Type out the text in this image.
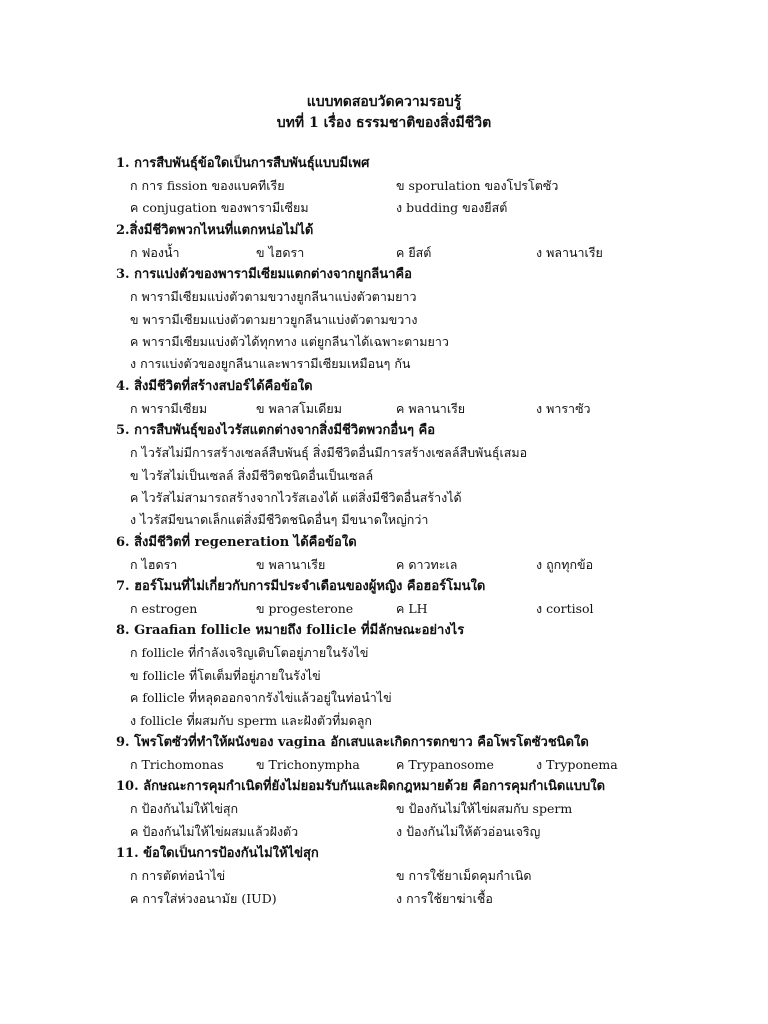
แบบทดสอบวัดความรอบรู้
บทที่ 1 เรื่อง ธรรมชาติของสิ่งมีชีวิต
1. การสืบพันธุ์ข้อใดเป็นการสืบพันธุ์แบบมีเพศ
ก การ fission ของแบคทีเรีย	ข sporulation ของโปรโตซัว
ค conjugation ของพารามีเซียม	ง budding ของยีสต์
2.สิ่งมีชีวิตพวกไหนที่แตกหน่อไม่ได้
ก ฟองน้ำ	ข ไฮดรา	ค ยีสต์	ง พลานาเรีย
3. การแบ่งตัวของพารามีเซียมแตกต่างจากยูกลีนาคือ
ก พารามีเซียมแบ่งตัวตามขวางยูกลีนาแบ่งตัวตามยาว
ข พารามีเซียมแบ่งตัวตามยาวยูกลีนาแบ่งตัวตามขวาง
ค พารามีเซียมแบ่งตัวได้ทุกทาง แต่ยูกลีนาได้เฉพาะตามยาว
ง การแบ่งตัวของยูกลีนาและพารามีเซียมเหมือนๆ กัน
4. สิ่งมีชีวิตที่สร้างสปอร์ได้คือข้อใด
ก พารามีเซียม	ข พลาสโมเดียม	ค พลานาเรีย	ง พาราซัว
5. การสืบพันธุ์ของไวรัสแตกต่างจากสิ่งมีชีวิตพวกอื่นๆ คือ
ก ไวรัสไม่มีการสร้างเซลล์สืบพันธุ์ สิ่งมีชีวิตอื่นมีการสร้างเซลล์สืบพันธุ์เสมอ
ข ไวรัสไม่เป็นเซลล์ สิ่งมีชีวิตชนิดอื่นเป็นเซลล์
ค ไวรัสไม่สามารถสร้างจากไวรัสเองได้ แต่สิ่งมีชีวิตอื่นสร้างได้
ง ไวรัสมีขนาดเล็กแต่สิ่งมีชีวิตชนิดอื่นๆ มีขนาดใหญ่กว่า
6. สิ่งมีชีวิตที่ regeneration ได้คือข้อใด
ก ไฮดรา	ข พลานาเรีย	ค ดาวทะเล	ง ถูกทุกข้อ
7. ฮอร์โมนที่ไม่เกี่ยวกับการมีประจำเดือนของผู้หญิง คือฮอร์โมนใด
ก estrogen	ข progesterone	ค LH	ง cortisol
8. Graafian follicle หมายถึง follicle ที่มีลักษณะอย่างไร
ก follicle ที่กำลังเจริญเติบโตอยู่ภายในรังไข่
ข follicle ที่โตเต็มที่อยู่ภายในรังไข่
ค follicle ที่หลุดออกจากรังไข่แล้วอยู่ในท่อนำไข่
ง follicle ที่ผสมกับ sperm และฝังตัวที่มดลูก
9. โพรโตซัวที่ทำให้ผนังของ vagina อักเสบและเกิดการตกขาว คือโพรโตซัวชนิดใด
ก Trichomonas	ข Trichonympha	ค Trypanosome	ง Tryponema
10. ลักษณะการคุมกำเนิดที่ยังไม่ยอมรับกันและผิดกฎหมายด้วย คือการคุมกำเนิดแบบใด
ก ป้องกันไม่ให้ไข่สุก	ข ป้องกันไม่ให้ไข่ผสมกับ sperm
ค ป้องกันไม่ให้ไข่ผสมแล้วฝังตัว	ง ป้องกันไม่ให้ตัวอ่อนเจริญ
11. ข้อใดเป็นการป้องกันไม่ให้ไข่สุก
ก การตัดท่อนำไข่	ข การใช้ยาเม็ดคุมกำเนิด
ค การใส่ห่วงอนามัย (IUD)	ง การใช้ยาฆ่าเชื้อ
